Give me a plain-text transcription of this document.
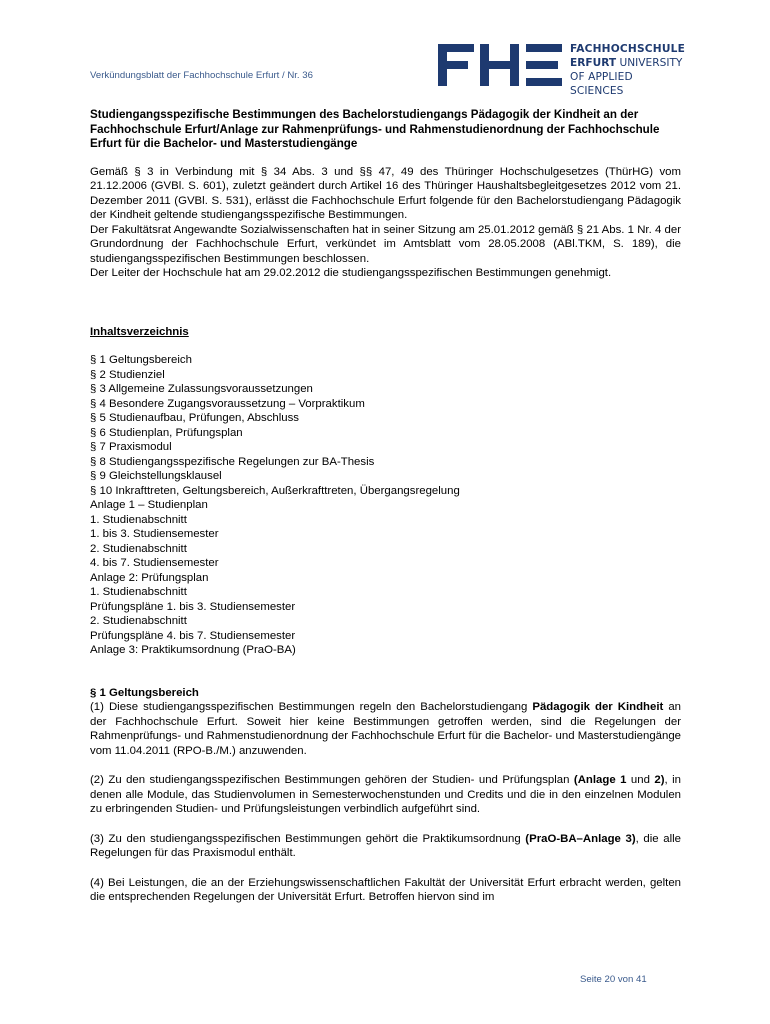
Verkündungsblatt der Fachhochschule Erfurt / Nr. 36
FACHHOCHSCHULE
ERFURT UNIVERSITY
OF APPLIED SCIENCES

Studiengangsspezifische Bestimmungen des Bachelorstudiengangs Pädagogik der Kindheit an der Fachhochschule Erfurt/Anlage zur Rahmenprüfungs- und Rahmenstudienordnung der Fachhochschule Erfurt für die Bachelor- und Masterstudiengänge

Gemäß § 3 in Verbindung mit § 34 Abs. 3 und §§ 47, 49 des Thüringer Hochschulgesetzes (ThürHG) vom 21.12.2006 (GVBl. S. 601), zuletzt geändert durch Artikel 16 des Thüringer Haushaltsbegleitgesetzes 2012 vom 21. Dezember 2011 (GVBl. S. 531), erlässt die Fachhochschule Erfurt folgende für den Bachelorstudiengang Pädagogik der Kindheit geltende studiengangsspezifische Bestimmungen.

Der Fakultätsrat Angewandte Sozialwissenschaften hat in seiner Sitzung am 25.01.2012 gemäß § 21 Abs. 1 Nr. 4 der Grundordnung der Fachhochschule Erfurt, verkündet im Amtsblatt vom 28.05.2008 (ABl.TKM, S. 189), die studiengangsspezifischen Bestimmungen beschlossen.

Der Leiter der Hochschule hat am 29.02.2012 die studiengangsspezifischen Bestimmungen genehmigt.

Inhaltsverzeichnis
§ 1 Geltungsbereich
§ 2 Studienziel
§ 3 Allgemeine Zulassungsvoraussetzungen
§ 4 Besondere Zugangsvoraussetzung – Vorpraktikum
§ 5 Studienaufbau, Prüfungen, Abschluss
§ 6 Studienplan, Prüfungsplan
§ 7 Praxismodul
§ 8 Studiengangsspezifische Regelungen zur BA-Thesis
§ 9 Gleichstellungsklausel
§ 10 Inkrafttreten, Geltungsbereich, Außerkrafttreten, Übergangsregelung
Anlage 1 – Studienplan
1. Studienabschnitt
1. bis 3. Studiensemester
2. Studienabschnitt
4. bis 7. Studiensemester
Anlage 2: Prüfungsplan
1. Studienabschnitt
Prüfungspläne 1. bis 3. Studiensemester
2. Studienabschnitt
Prüfungspläne 4. bis 7. Studiensemester
Anlage 3: Praktikumsordnung (PraO-BA)
§ 1 Geltungsbereich

(1) Diese studiengangsspezifischen Bestimmungen regeln den Bachelorstudiengang Pädagogik der Kindheit an der Fachhochschule Erfurt. Soweit hier keine Bestimmungen getroffen werden, sind die Regelungen der Rahmenprüfungs- und Rahmenstudienordnung der Fachhochschule Erfurt für die Bachelor- und Masterstudiengänge vom 11.04.2011 (RPO-B./M.) anzuwenden.

(2) Zu den studiengangsspezifischen Bestimmungen gehören der Studien- und Prüfungsplan (Anlage 1 und 2), in denen alle Module, das Studienvolumen in Semesterwochenstunden und Credits und die in den einzelnen Modulen zu erbringenden Studien- und Prüfungsleistungen verbindlich aufgeführt sind.

(3) Zu den studiengangsspezifischen Bestimmungen gehört die Praktikumsordnung (PraO-BA–Anlage 3), die alle Regelungen für das Praxismodul enthält.

(4) Bei Leistungen, die an der Erziehungswissenschaftlichen Fakultät der Universität Erfurt erbracht werden, gelten die entsprechenden Regelungen der Universität Erfurt. Betroffen hiervon sind im

Seite 20 von 41
